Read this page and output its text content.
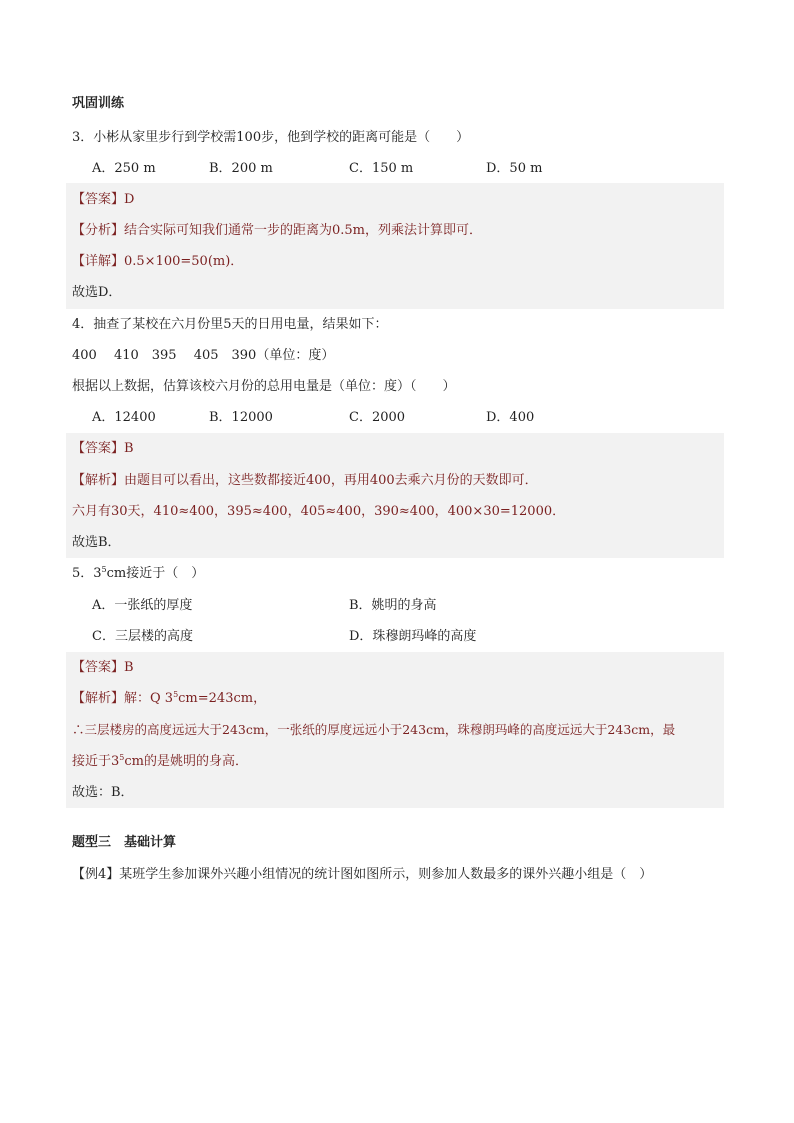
巩固训练
3．小彬从家里步行到学校需100步，他到学校的距离可能是（　　）
A．250 m	B．200 m	C．150 m	D．50 m
【答案】D
【分析】结合实际可知我们通常一步的距离为0.5m，列乘法计算即可．
【详解】0.5×100=50(m)．
故选D．
4．抽查了某校在六月份里5天的日用电量，结果如下：
400　 410　395　 405　390（单位：度）
根据以上数据，估算该校六月份的总用电量是（单位：度）（　　）
A．12400	B．12000	C．2000	D．400
【答案】B
【解析】由题目可以看出，这些数都接近400，再用400去乘六月份的天数即可．
六月有30天，410≈400，395≈400，405≈400，390≈400，400×30=12000．
故选B．
5．$3^5cm$接近于（　）
A．一张纸的厚度	B．姚明的身高
C．三层楼的高度	D．珠穆朗玛峰的高度
【答案】B
【解析】解：Q $3^5cm=243cm$，
∴三层楼房的高度远远大于243cm，一张纸的厚度远远小于243cm，珠穆朗玛峰的高度远远大于243cm，最
接近于$3^5cm$的是姚明的身高．
故选：B．
题型三　基础计算
【例4】某班学生参加课外兴趣小组情况的统计图如图所示，则参加人数最多的课外兴趣小组是（　）
